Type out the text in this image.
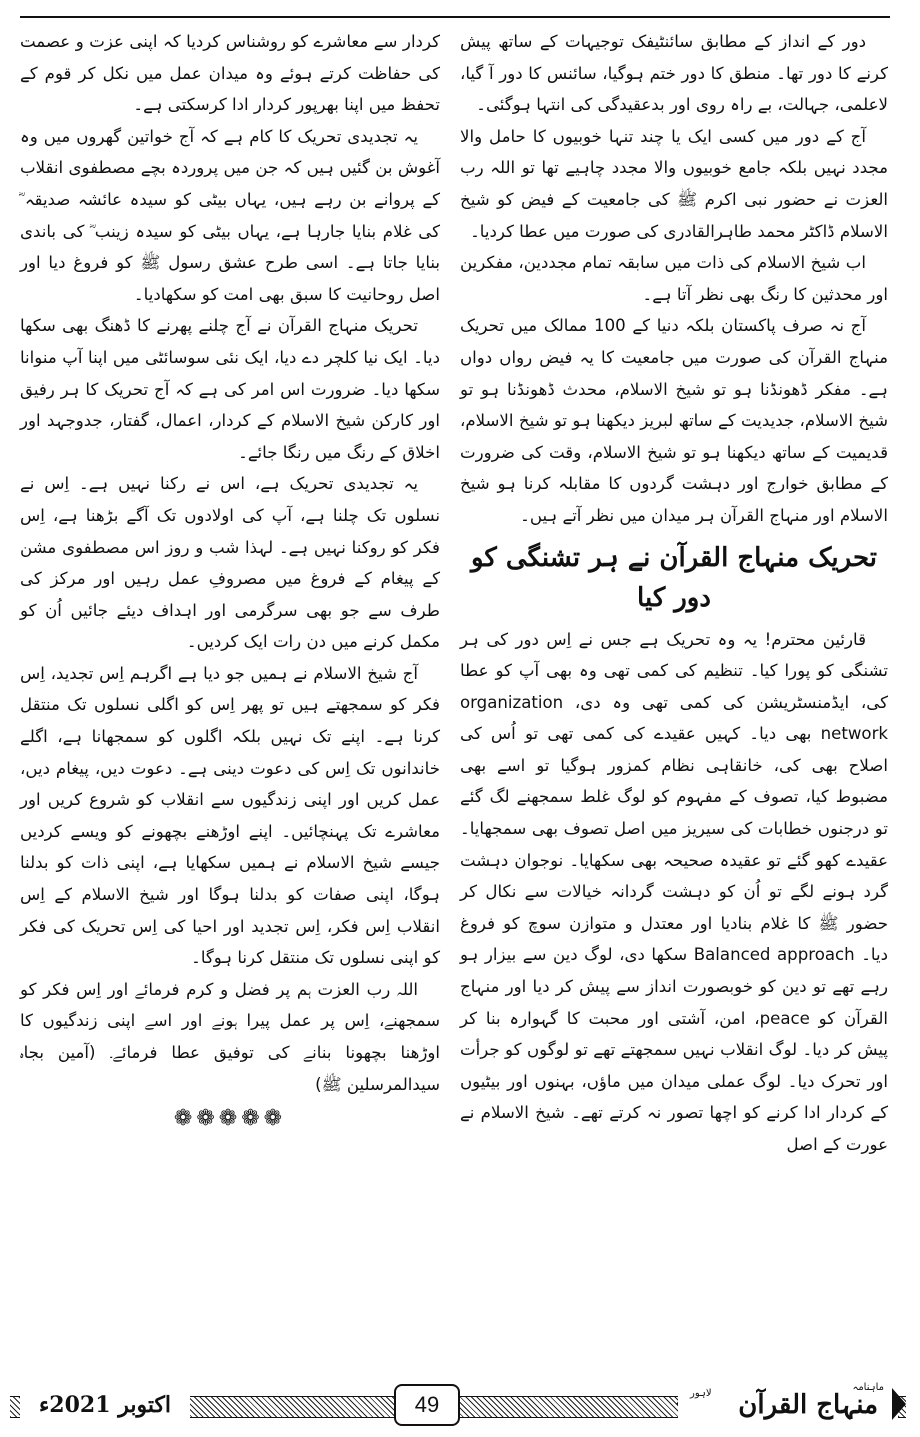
دور کے انداز کے مطابق سائنٹیفک توجیہات کے ساتھ پیش کرنے کا دور تھا۔ منطق کا دور ختم ہوگیا، سائنس کا دور آ گیا، لاعلمی، جہالت، بے راہ روی اور بدعقیدگی کی انتہا ہوگئی۔

آج کے دور میں کسی ایک یا چند تنہا خوبیوں کا حامل والا مجدد نہیں بلکہ جامع خوبیوں والا مجدد چاہیے تھا تو اللہ رب العزت نے حضور نبی اکرم ﷺ کی جامعیت کے فیض کو شیخ الاسلام ڈاکٹر محمد طاہرالقادری کی صورت میں عطا کردیا۔

اب شیخ الاسلام کی ذات میں سابقہ تمام مجددین، مفکرین اور محدثین کا رنگ بھی نظر آتا ہے۔

آج نہ صرف پاکستان بلکہ دنیا کے 100 ممالک میں تحریک منہاج القرآن کی صورت میں جامعیت کا یہ فیض رواں دواں ہے۔ مفکر ڈھونڈنا ہو تو شیخ الاسلام، محدث ڈھونڈنا ہو تو شیخ الاسلام، جدیدیت کے ساتھ لبریز دیکھنا ہو تو شیخ الاسلام، قدیمیت کے ساتھ دیکھنا ہو تو شیخ الاسلام، وقت کی ضرورت کے مطابق خوارج اور دہشت گردوں کا مقابلہ کرنا ہو شیخ الاسلام اور منہاج القرآن ہر میدان میں نظر آتے ہیں۔

تحریک منہاج القرآن نے ہر تشنگی کو دور کیا

قارئین محترم! یہ وہ تحریک ہے جس نے اِس دور کی ہر تشنگی کو پورا کیا۔ تنظیم کی کمی تھی وہ بھی آپ کو عطا کی، ایڈمنسٹریشن کی کمی تھی وہ دی، organization network بھی دیا۔ کہیں عقیدے کی کمی تھی تو اُس کی اصلاح بھی کی، خانقاہی نظام کمزور ہوگیا تو اسے بھی مضبوط کیا، تصوف کے مفہوم کو لوگ غلط سمجھنے لگ گئے تو درجنوں خطابات کی سیریز میں اصل تصوف بھی سمجھایا۔ عقیدے کھو گئے تو عقیدہ صحیحہ بھی سکھایا۔ نوجوان دہشت گرد ہونے لگے تو اُن کو دہشت گردانہ خیالات سے نکال کر حضور ﷺ کا غلام بنادیا اور معتدل و متوازن سوچ کو فروغ دیا۔ Balanced approach سکھا دی، لوگ دین سے بیزار ہو رہے تھے تو دین کو خوبصورت انداز سے پیش کر دیا اور منہاج القرآن کو peace، امن، آشتی اور محبت کا گہوارہ بنا کر پیش کر دیا۔ لوگ انقلاب نہیں سمجھتے تھے تو لوگوں کو جرأت اور تحرک دیا۔ لوگ عملی میدان میں ماؤں، بہنوں اور بیٹیوں کے کردار ادا کرنے کو اچھا تصور نہ کرتے تھے۔ شیخ الاسلام نے عورت کے اصل

کردار سے معاشرے کو روشناس کردیا کہ اپنی عزت و عصمت کی حفاظت کرتے ہوئے وہ میدان عمل میں نکل کر قوم کے تحفظ میں اپنا بھرپور کردار ادا کرسکتی ہے۔

یہ تجدیدی تحریک کا کام ہے کہ آج خواتین گھروں میں وہ آغوش بن گئیں ہیں کہ جن میں پروردہ بچے مصطفوی انقلاب کے پروانے بن رہے ہیں، یہاں بیٹی کو سیدہ عائشہ صدیقہ ؓ کی غلام بنایا جارہا ہے، یہاں بیٹی کو سیدہ زینب ؓ کی باندی بنایا جاتا ہے۔ اسی طرح عشق رسول ﷺ کو فروغ دیا اور اصل روحانیت کا سبق بھی امت کو سکھادیا۔

تحریک منہاج القرآن نے آج چلنے پھرنے کا ڈھنگ بھی سکھا دیا۔ ایک نیا کلچر دے دیا، ایک نئی سوسائٹی میں اپنا آپ منوانا سکھا دیا۔ ضرورت اس امر کی ہے کہ آج تحریک کا ہر رفیق اور کارکن شیخ الاسلام کے کردار، اعمال، گفتار، جدوجہد اور اخلاق کے رنگ میں رنگا جائے۔

یہ تجدیدی تحریک ہے، اس نے رکنا نہیں ہے۔ اِس نے نسلوں تک چلنا ہے، آپ کی اولادوں تک آگے بڑھنا ہے، اِس فکر کو روکنا نہیں ہے۔ لہذا شب و روز اس مصطفوی مشن کے پیغام کے فروغ میں مصروفِ عمل رہیں اور مرکز کی طرف سے جو بھی سرگرمی اور اہداف دیئے جائیں اُن کو مکمل کرنے میں دن رات ایک کردیں۔

آج شیخ الاسلام نے ہمیں جو دیا ہے اگرہم اِس تجدید، اِس فکر کو سمجھتے ہیں تو پھر اِس کو اگلی نسلوں تک منتقل کرنا ہے۔ اپنے تک نہیں بلکہ اگلوں کو سمجھانا ہے، اگلے خاندانوں تک اِس کی دعوت دینی ہے۔ دعوت دیں، پیغام دیں، عمل کریں اور اپنی زندگیوں سے انقلاب کو شروع کریں اور معاشرے تک پہنچائیں۔ اپنے اوڑھنے بچھونے کو ویسے کردیں جیسے شیخ الاسلام نے ہمیں سکھایا ہے، اپنی ذات کو بدلنا ہوگا، اپنی صفات کو بدلنا ہوگا اور شیخ الاسلام کے اِس انقلاب اِس فکر، اِس تجدید اور احیا کی اِس تحریک کی فکر کو اپنی نسلوں تک منتقل کرنا ہوگا۔

اللہ رب العزت ہم پر فضل و کرم فرمائے اور اِس فکر کو سمجھنے، اِس پر عمل پیرا ہونے اور اسے اپنی زندگیوں کا اوڑھنا بچھونا بنانے کی توفیق عطا فرمائے۔ (آمین بجاہ سیدالمرسلین ﷺ)

❁❁❁❁❁
اکتوبر 2021ء	49
ماہنامہ
منہاج القرآن
لاہور
